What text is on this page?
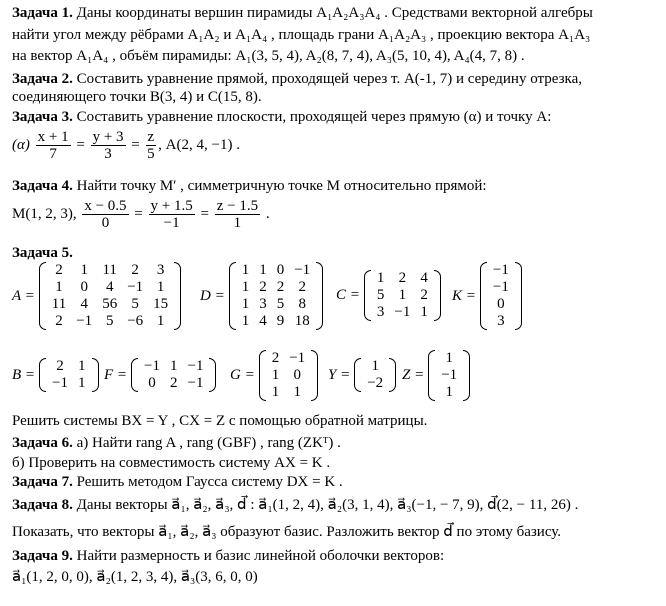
Задача 1. Даны координаты вершин пирамиды A₁A₂A₃A₄ . Средствами векторной алгебры
найти угол между рёбрами A₁A₂ и A₁A₄ , площадь грани A₁A₂A₃ , проекцию вектора A₁A₃
на вектор A₁A₄ , объём пирамиды: A₁(3, 5, 4), A₂(8, 7, 4), A₃(5, 10, 4), A₄(4, 7, 8) .
Задача 2. Составить уравнение прямой, проходящей через т. A(-1, 7) и середину отрезка,
соединяющего точки B(3, 4) и C(15, 8).
Задача 3. Составить уравнение плоскости, проходящей через прямую (α) и точку А:
$(\alpha) \frac{x + 1}{7} = \frac{y + 3}{3} = \frac{z}{5}$ , A(2, 4, −1) .
Задача 4. Найти точку M′ , симметричную точке M относительно прямой:
M(1, 2, 3), $\frac{x - 0.5}{0} = \frac{y + 1.5}{-1} = \frac{z - 1.5}{1}$ .
Задача 5.
A =
2	1	11	2	3
1	0	4	−1	1
11	4	56	5	15
2	−1	5	−6	1
D =
1	1	0	−1
1	2	2	2
1	3	5	8
1	4	9	18
C =
1	2	4
5	1	2
3	−1	1
K =
−1
−1
0
3
B =
2	1
−1	1
F =
−1	1	−1
0	2	−1 G =
2	−1
1	0
1	1
Y =
1
−2 Z =
1
−1
1
Решить системы BX = Y , CX = Z с помощью обратной матрицы.
Задача 6. а) Найти rang A , rang (GBF) , rang (ZKᵀ) .
б) Проверить на совместимость систему AX = K .
Задача 7. Решить методом Гаусса систему DX = K .
Задача 8. Даны векторы a⃗₁, a⃗₂, a⃗₃, d⃗ : a⃗₁(1, 2, 4), a⃗₂(3, 1, 4), a⃗₃(−1, − 7, 9), d⃗(2, − 11, 26) .
Показать, что векторы a⃗₁, a⃗₂, a⃗₃ образуют базис. Разложить вектор d⃗ по этому базису.
Задача 9. Найти размерность и базис линейной оболочки векторов:
a⃗₁(1, 2, 0, 0), a⃗₂(1, 2, 3, 4), a⃗₃(3, 6, 0, 0)
